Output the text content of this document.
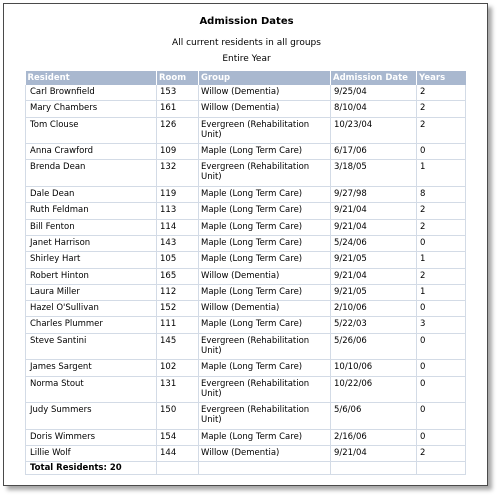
Admission Dates
All current residents in all groups
Entire Year
Resident	Room	Group	Admission Date	Years
Carl Brownfield	153	Willow (Dementia)	9/25/04	2
Mary Chambers	161	Willow (Dementia)	8/10/04	2
Tom Clouse	126	Evergreen (Rehabilitation Unit)	10/23/04	2
Anna Crawford	109	Maple (Long Term Care)	6/17/06	0
Brenda Dean	132	Evergreen (Rehabilitation Unit)	3/18/05	1
Dale Dean	119	Maple (Long Term Care)	9/27/98	8
Ruth Feldman	113	Maple (Long Term Care)	9/21/04	2
Bill Fenton	114	Maple (Long Term Care)	9/21/04	2
Janet Harrison	143	Maple (Long Term Care)	5/24/06	0
Shirley Hart	105	Maple (Long Term Care)	9/21/05	1
Robert Hinton	165	Willow (Dementia)	9/21/04	2
Laura Miller	112	Maple (Long Term Care)	9/21/05	1
Hazel O'Sullivan	152	Willow (Dementia)	2/10/06	0
Charles Plummer	111	Maple (Long Term Care)	5/22/03	3
Steve Santini	145	Evergreen (Rehabilitation Unit)	5/26/06	0
James Sargent	102	Maple (Long Term Care)	10/10/06	0
Norma Stout	131	Evergreen (Rehabilitation Unit)	10/22/06	0
Judy Summers	150	Evergreen (Rehabilitation Unit)	5/6/06	0
Doris Wimmers	154	Maple (Long Term Care)	2/16/06	0
Lillie Wolf	144	Willow (Dementia)	9/21/04	2
Total Residents: 20				
